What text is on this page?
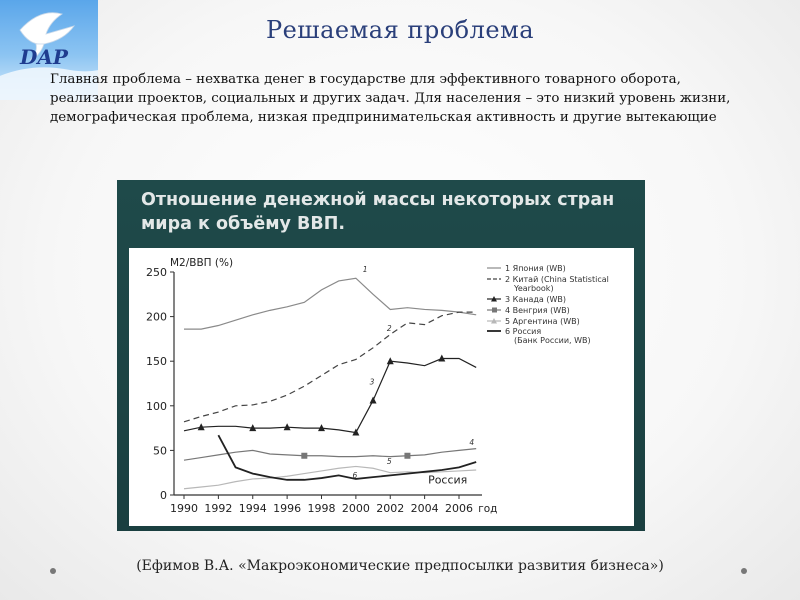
DAP
Решаемая проблема
Главная проблема – нехватка денег в государстве для эффективного товарного оборота, реализации проектов, социальных и других задач. Для населения – это низкий уровень жизни, демографическая проблема, низкая предпринимательская активность и другие вытекающие
Отношение денежной массы некоторых стран мира к объёму ВВП.
0
50
100
150
200
250
1990 1992 1994 1996 1998 2000 2002 2004 2006
M2/ВВП (%)
год
1
2
3
4
5
6	Россия
1 Япония (WB)
2 Китай (China Statistical
Yearbook)
3 Канада (WB)
4 Венгрия (WB)
5 Аргентина (WB)
6 Россия
(Банк России, WB)
(Ефимов В.А. «Макроэкономические предпосылки развития бизнеса»)
